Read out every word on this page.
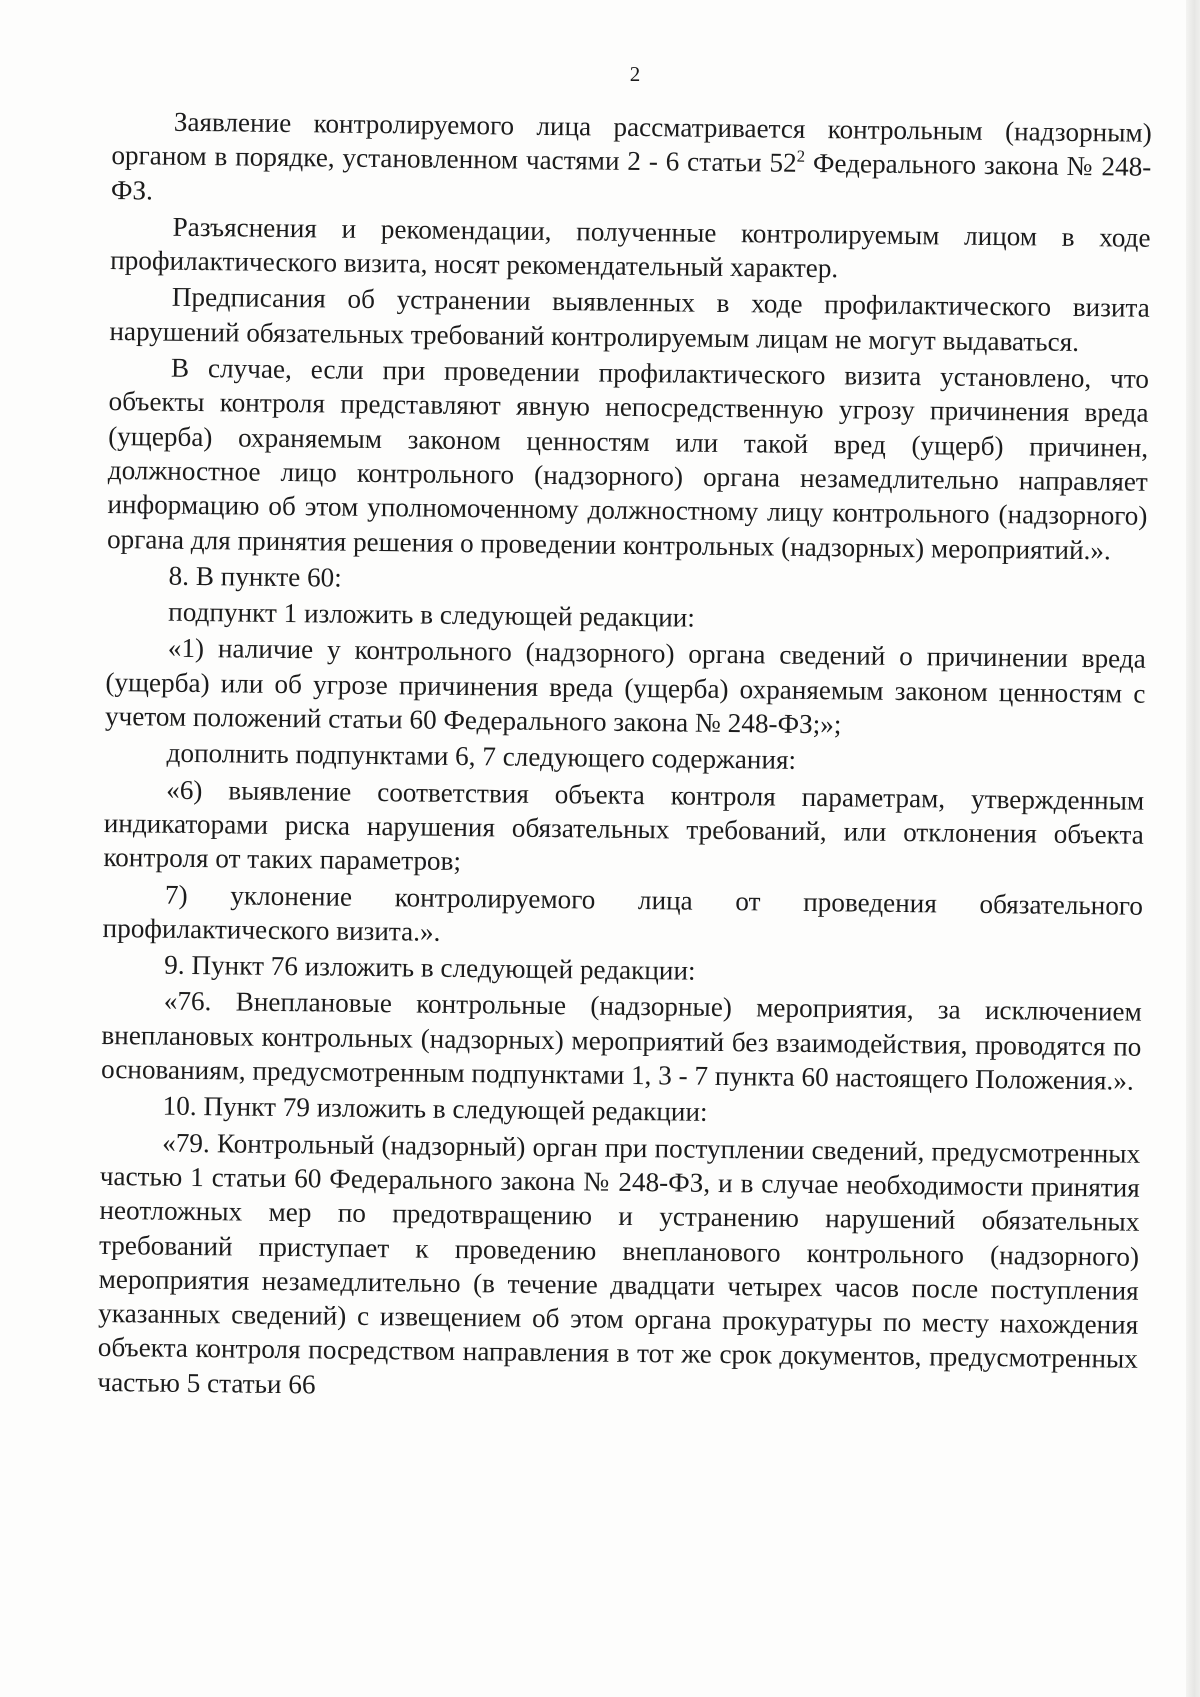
2

Заявление контролируемого лица рассматривается контрольным (надзорным) органом в порядке, установленном частями 2 - 6 статьи $52^2$ Федерального закона № 248-ФЗ.

Разъяснения и рекомендации, полученные контролируемым лицом в ходе профилактического визита, носят рекомендательный характер.

Предписания об устранении выявленных в ходе профилактического визита нарушений обязательных требований контролируемым лицам не могут выдаваться.

В случае, если при проведении профилактического визита установлено, что объекты контроля представляют явную непосредственную угрозу причинения вреда (ущерба) охраняемым законом ценностям или такой вред (ущерб) причинен, должностное лицо контрольного (надзорного) органа незамедлительно направляет информацию об этом уполномоченному должностному лицу контрольного (надзорного) органа для принятия решения о проведении контрольных (надзорных) мероприятий.».

8. В пункте 60:

подпункт 1 изложить в следующей редакции:

«1) наличие у контрольного (надзорного) органа сведений о причинении вреда (ущерба) или об угрозе причинения вреда (ущерба) охраняемым законом ценностям с учетом положений статьи 60 Федерального закона № 248-ФЗ;»;

дополнить подпунктами 6, 7 следующего содержания:

«6) выявление соответствия объекта контроля параметрам, утвержденным индикаторами риска нарушения обязательных требований, или отклонения объекта контроля от таких параметров;

7) уклонение контролируемого лица от проведения обязательного профилактического визита.».

9. Пункт 76 изложить в следующей редакции:

«76. Внеплановые контрольные (надзорные) мероприятия, за исключением внеплановых контрольных (надзорных) мероприятий без взаимодействия, проводятся по основаниям, предусмотренным подпунктами 1, 3 - 7 пункта 60 настоящего Положения.».

10. Пункт 79 изложить в следующей редакции:

«79. Контрольный (надзорный) орган при поступлении сведений, предусмотренных частью 1 статьи 60 Федерального закона № 248-ФЗ, и в случае необходимости принятия неотложных мер по предотвращению и устранению нарушений обязательных требований приступает к проведению внепланового контрольного (надзорного) мероприятия незамедлительно (в течение двадцати четырех часов после поступления указанных сведений) с извещением об этом органа прокуратуры по месту нахождения объекта контроля посредством направления в тот же срок документов, предусмотренных частью 5 статьи 66
